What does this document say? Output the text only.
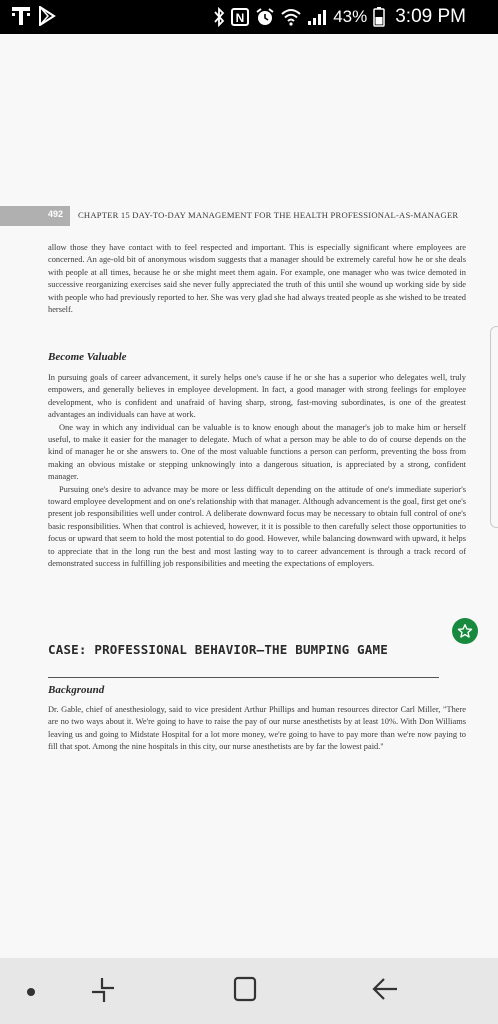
N	43% 3:09 PM
492 CHAPTER 15 DAY-TO-DAY MANAGEMENT FOR THE HEALTH PROFESSIONAL-AS-MANAGER

allow those they have contact with to feel respected and important. This is especially significant where employees are concerned. An age-old bit of anonymous wisdom suggests that a manager should be extremely careful how he or she deals with people at all times, because he or she might meet them again. For example, one manager who was twice demoted in successive reorganizing exercises said she never fully appreciated the truth of this until she wound up working side by side with people who had previously reported to her. She was very glad she had always treated people as she wished to be treated herself.

Become Valuable

In pursuing goals of career advancement, it surely helps one's cause if he or she has a superior who delegates well, truly empowers, and generally believes in employee development. In fact, a good manager with strong feelings for employee development, who is confident and unafraid of having sharp, strong, fast-moving subordinates, is one of the greatest advantages an individuals can have at work.

One way in which any individual can be valuable is to know enough about the manager's job to make him or herself useful, to make it easier for the manager to delegate. Much of what a person may be able to do of course depends on the kind of manager he or she answers to. One of the most valuable functions a person can perform, preventing the boss from making an obvious mistake or stepping unknowingly into a dangerous situation, is appreciated by a strong, confident manager.

Pursuing one's desire to advance may be more or less difficult depending on the attitude of one's immediate superior's toward employee development and on one's relationship with that manager. Although advancement is the goal, first get one's present job responsibilities well under control. A deliberate downward focus may be necessary to obtain full control of one's basic responsibilities. When that control is achieved, however, it it is possible to then carefully select those opportunities to focus or upward that seem to hold the most potential to do good. However, while balancing downward with upward, it helps to appreciate that in the long run the best and most lasting way to to career advancement is through a track record of demonstrated success in fulfilling job responsibilities and meeting the expectations of employers.

CASE: PROFESSIONAL BEHAVIOR—THE BUMPING GAME
Background

Dr. Gable, chief of anesthesiology, said to vice president Arthur Phillips and human resources director Carl Miller, "There are no two ways about it. We're going to have to raise the pay of our nurse anesthetists by at least 10%. With Don Williams leaving us and going to Midstate Hospital for a lot more money, we're going to have to pay more than we're now paying to fill that spot. Among the nine hospitals in this city, our nurse anesthetists are by far the lowest paid."
